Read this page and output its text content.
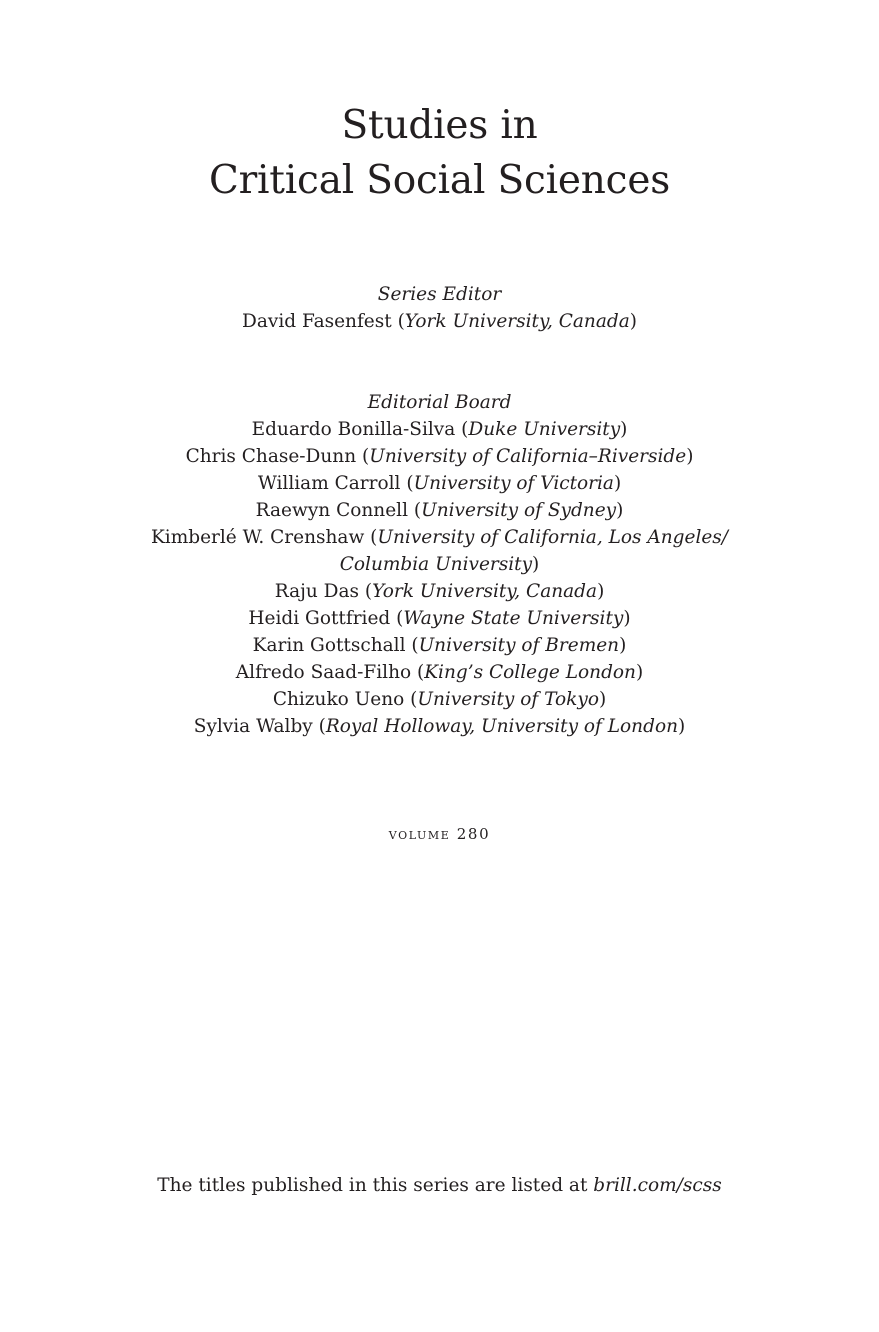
Studies in
Critical Social Sciences
Series Editor
David Fasenfest (York University, Canada)
Editorial Board
Eduardo Bonilla-Silva (Duke University)
Chris Chase-Dunn (University of California–Riverside)
William Carroll (University of Victoria)
Raewyn Connell (University of Sydney)
Kimberlé W. Crenshaw (University of California, Los Angeles/
Columbia University)
Raju Das (York University, Canada)
Heidi Gottfried (Wayne State University)
Karin Gottschall (University of Bremen)
Alfredo Saad-Filho (King’s College London)
Chizuko Ueno (University of Tokyo)
Sylvia Walby (Royal Holloway, University of London)
volume 280
The titles published in this series are listed at brill.com/scss
